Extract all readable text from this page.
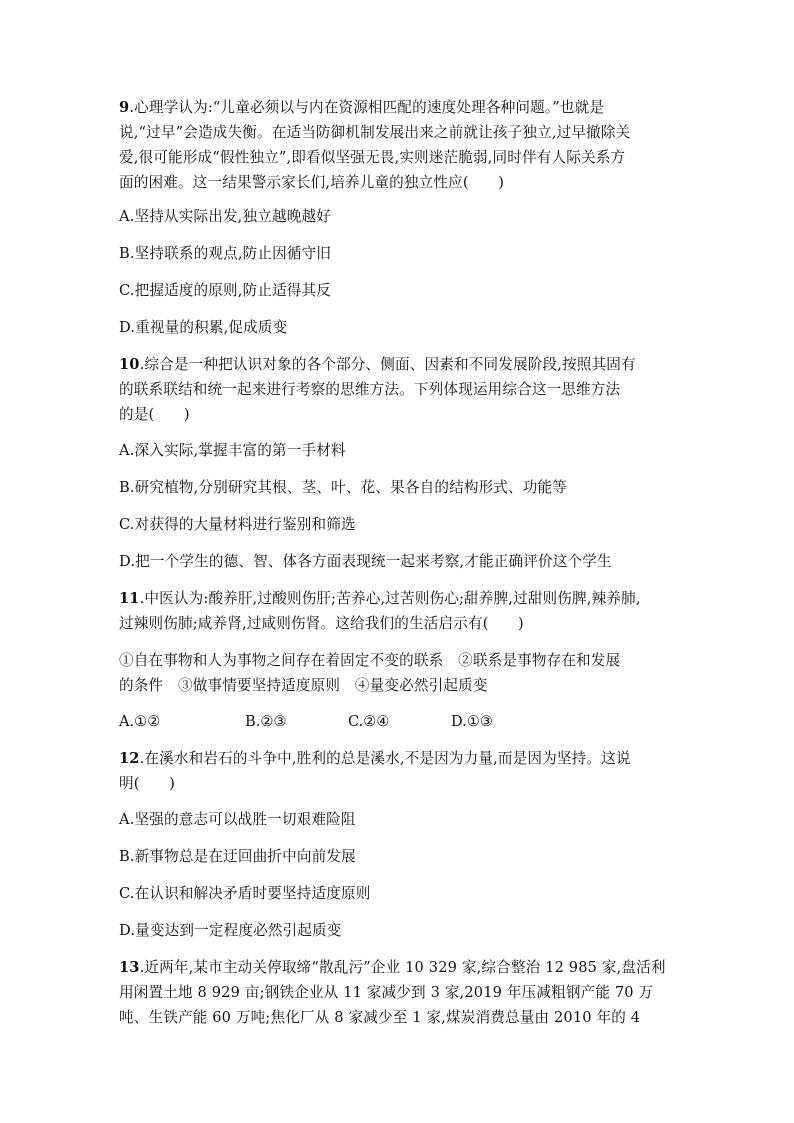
9.心理学认为:“儿童必须以与内在资源相匹配的速度处理各种问题。”也就是
说,“过早”会造成失衡。在适当防御机制发展出来之前就让孩子独立,过早撤除关
爱,很可能形成“假性独立”,即看似坚强无畏,实则迷茫脆弱,同时伴有人际关系方
面的困难。这一结果警示家长们,培养儿童的独立性应(　　)
A.坚持从实际出发,独立越晚越好
B.坚持联系的观点,防止因循守旧
C.把握适度的原则,防止适得其反
D.重视量的积累,促成质变
10.综合是一种把认识对象的各个部分、侧面、因素和不同发展阶段,按照其固有
的联系联结和统一起来进行考察的思维方法。下列体现运用综合这一思维方法
的是(　　)
A.深入实际,掌握丰富的第一手材料
B.研究植物,分别研究其根、茎、叶、花、果各自的结构形式、功能等
C.对获得的大量材料进行鉴别和筛选
D.把一个学生的德、智、体各方面表现统一起来考察,才能正确评价这个学生
11.中医认为:酸养肝,过酸则伤肝;苦养心,过苦则伤心;甜养脾,过甜则伤脾,辣养肺,
过辣则伤肺;咸养肾,过咸则伤肾。这给我们的生活启示有(　　)
①自在事物和人为事物之间存在着固定不变的联系　②联系是事物存在和发展
的条件　③做事情要坚持适度原则　④量变必然引起质变
A.①②	B.②③	C.②④	D.①③
12.在溪水和岩石的斗争中,胜利的总是溪水,不是因为力量,而是因为坚持。这说
明(　　)
A.坚强的意志可以战胜一切艰难险阻
B.新事物总是在迂回曲折中向前发展
C.在认识和解决矛盾时要坚持适度原则
D.量变达到一定程度必然引起质变
13.近两年,某市主动关停取缔“散乱污”企业 10 329 家,综合整治 12 985 家,盘活利
用闲置土地 8 929 亩;钢铁企业从 11 家减少到 3 家,2019 年压减粗钢产能 70 万
吨、生铁产能 60 万吨;焦化厂从 8 家减少至 1 家,煤炭消费总量由 2010 年的 4
